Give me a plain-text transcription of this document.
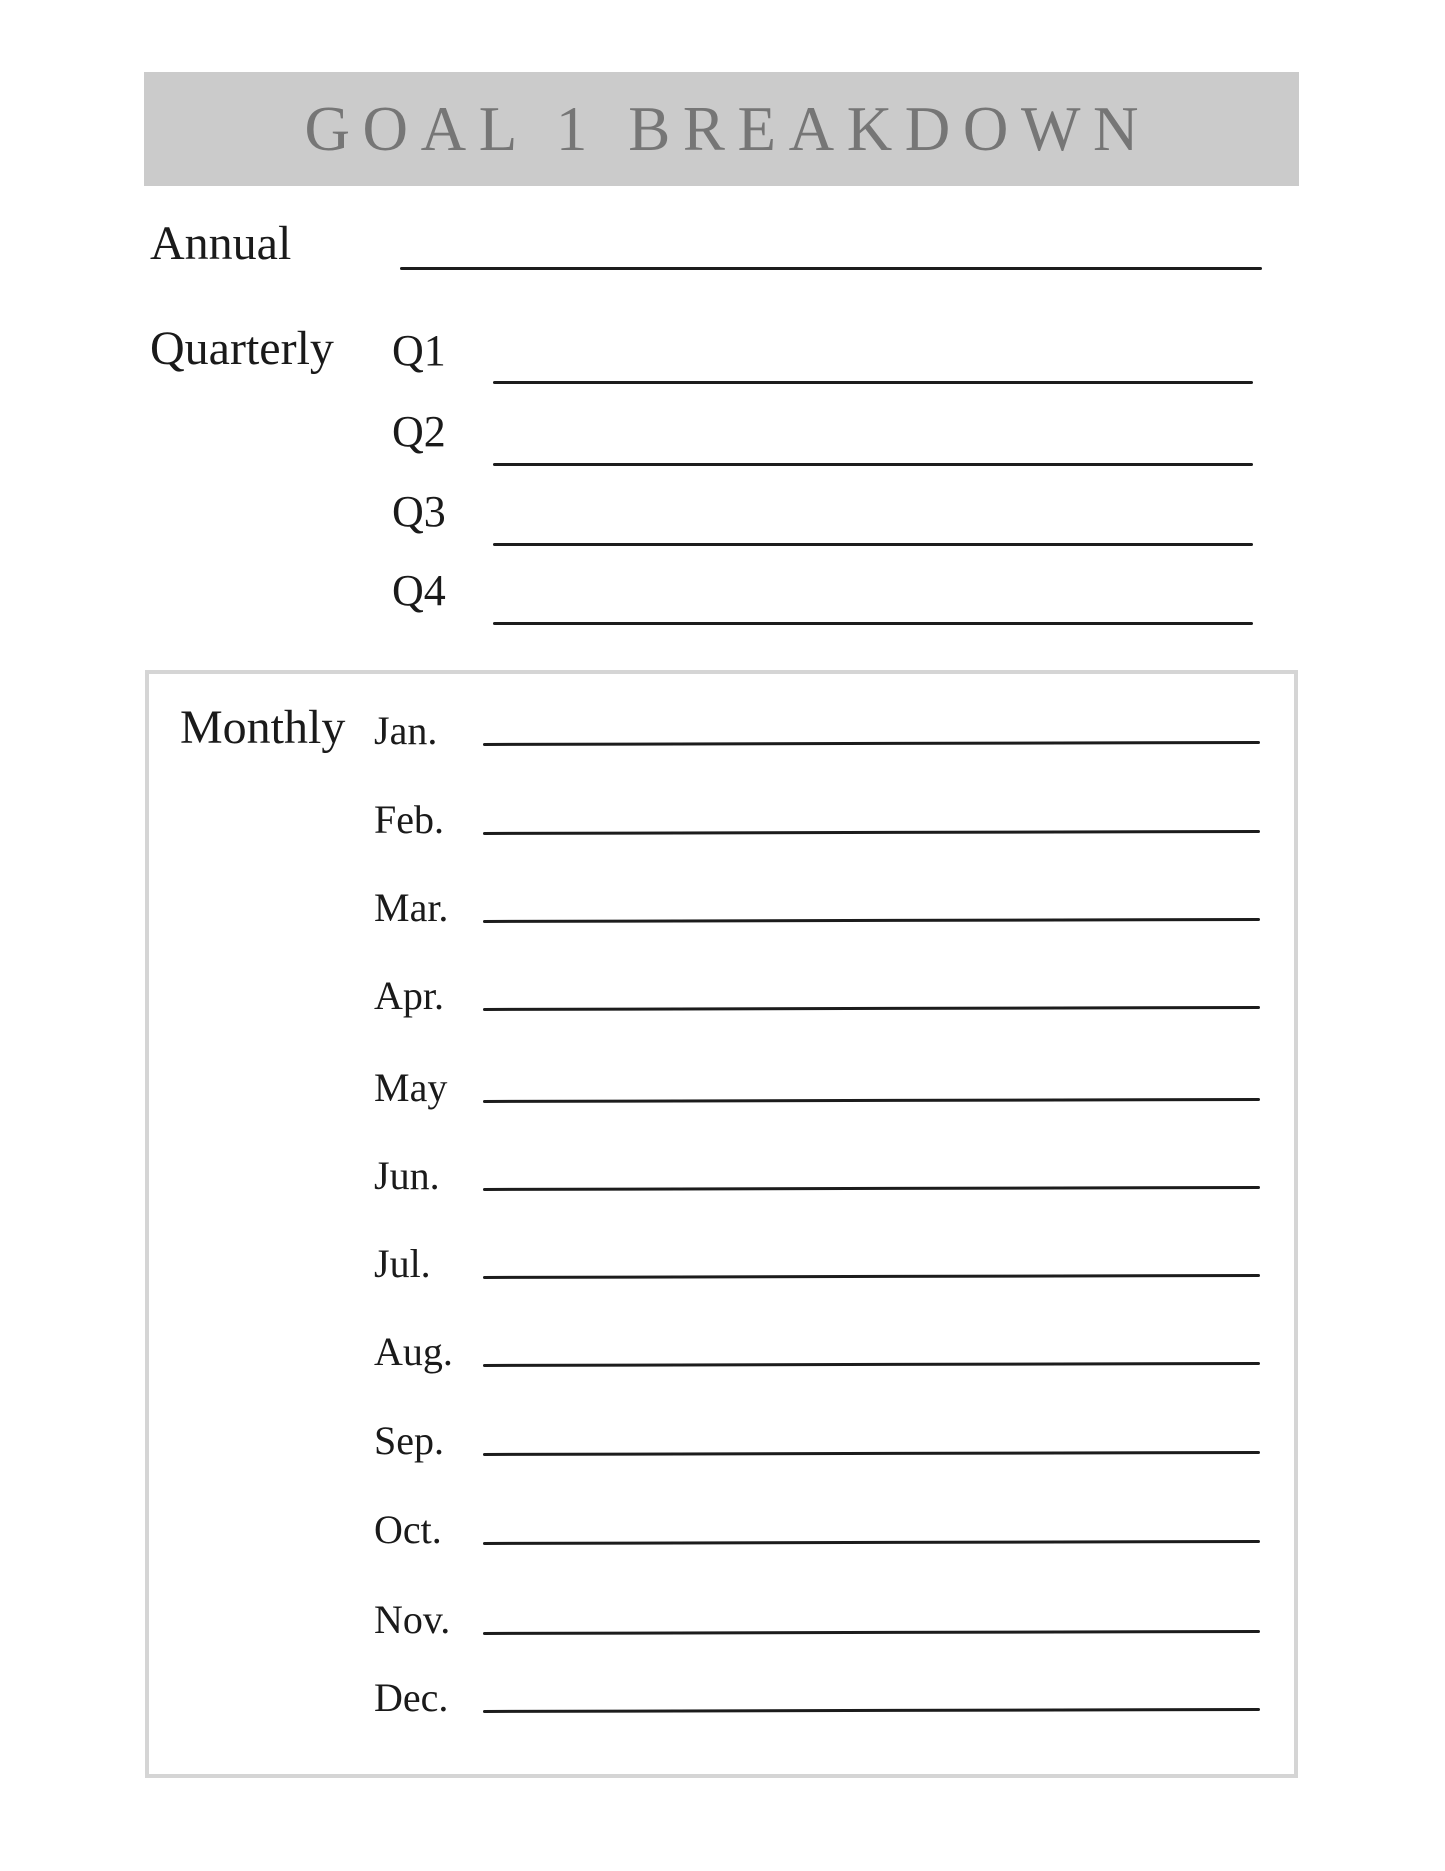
GOAL 1 BREAKDOWN
Annual
Quarterly Q1
Q2
Q3
Q4
Monthly Jan.
Feb.
Mar.
Apr.
May
Jun.
Jul.
Aug.
Sep.
Oct.
Nov.
Dec.
